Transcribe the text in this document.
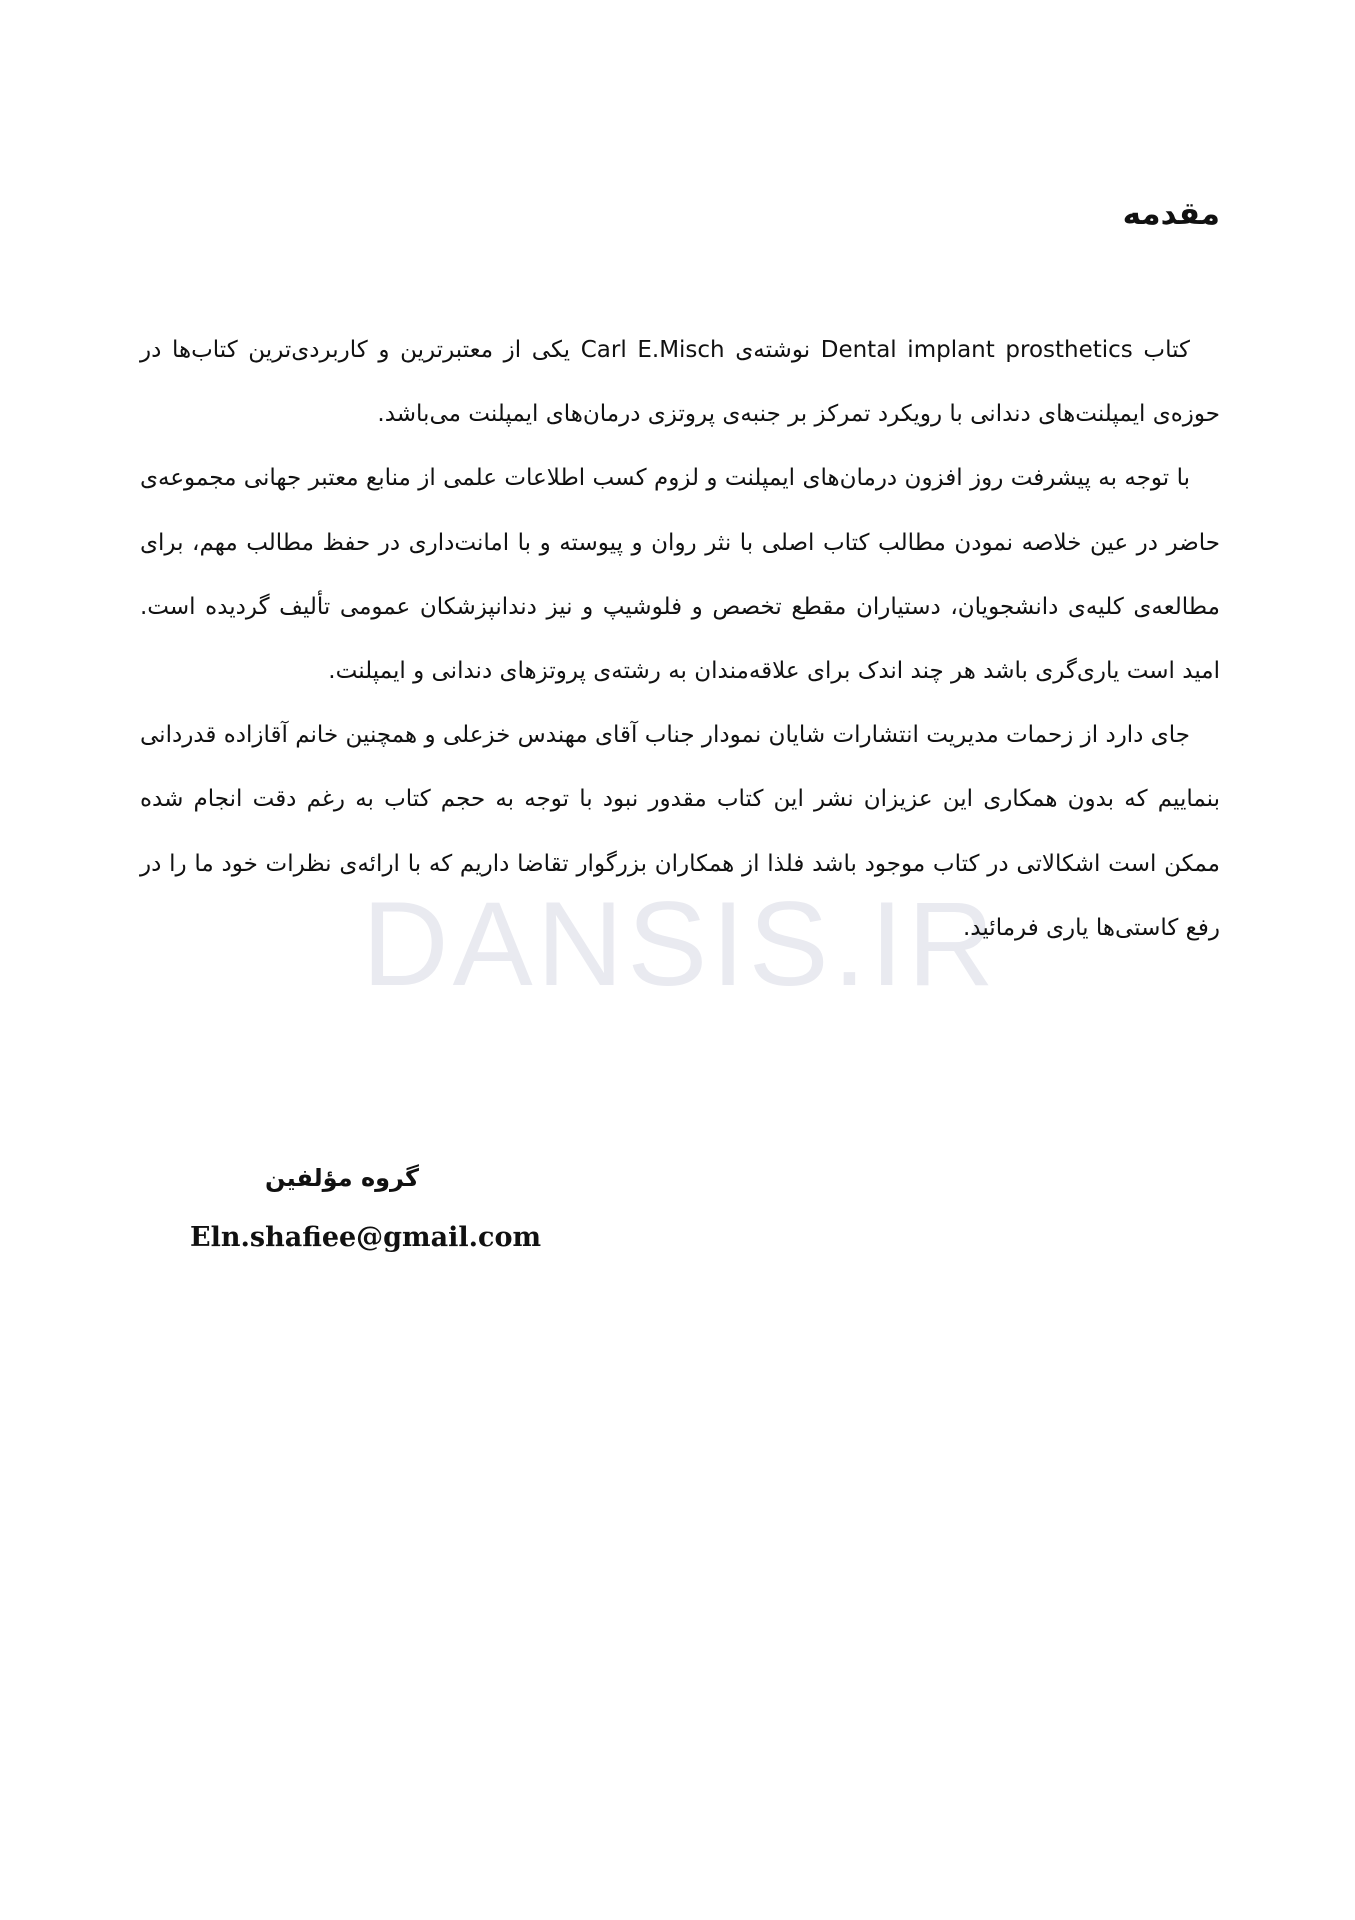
DANSIS.IR
مقدمه

کتاب Dental implant prosthetics نوشته‌ی Carl E.Misch یکی از معتبرترین و کاربردی‌ترین کتاب‌ها در حوزه‌ی ایمپلنت‌های دندانی با رویکرد تمرکز بر جنبه‌ی پروتزی درمان‌های ایمپلنت می‌باشد.

با توجه به پیشرفت روز افزون درمان‌های ایمپلنت و لزوم کسب اطلاعات علمی از منابع معتبر جهانی مجموعه‌ی حاضر در عین خلاصه نمودن مطالب کتاب اصلی با نثر روان و پیوسته و با امانت‌داری در حفظ مطالب مهم، برای مطالعه‌ی کلیه‌ی دانشجویان، دستیاران مقطع تخصص و فلوشیپ و نیز دندانپزشکان عمومی تألیف گردیده است. امید است یاری‌گری باشد هر چند اندک برای علاقه‌مندان به رشته‌ی پروتزهای دندانی و ایمپلنت.

جای دارد از زحمات مدیریت انتشارات شایان نمودار جناب آقای مهندس خزعلی و همچنین خانم آقازاده قدردانی بنماییم که بدون همکاری این عزیزان نشر این کتاب مقدور نبود با توجه به حجم کتاب به رغم دقت انجام شده ممکن است اشکالاتی در کتاب موجود باشد فلذا از همکاران بزرگوار تقاضا داریم که با ارائه‌ی نظرات خود ما را در رفع کاستی‌ها یاری فرمائید.

گروه مؤلفین
Eln.shafiee@gmail.com
